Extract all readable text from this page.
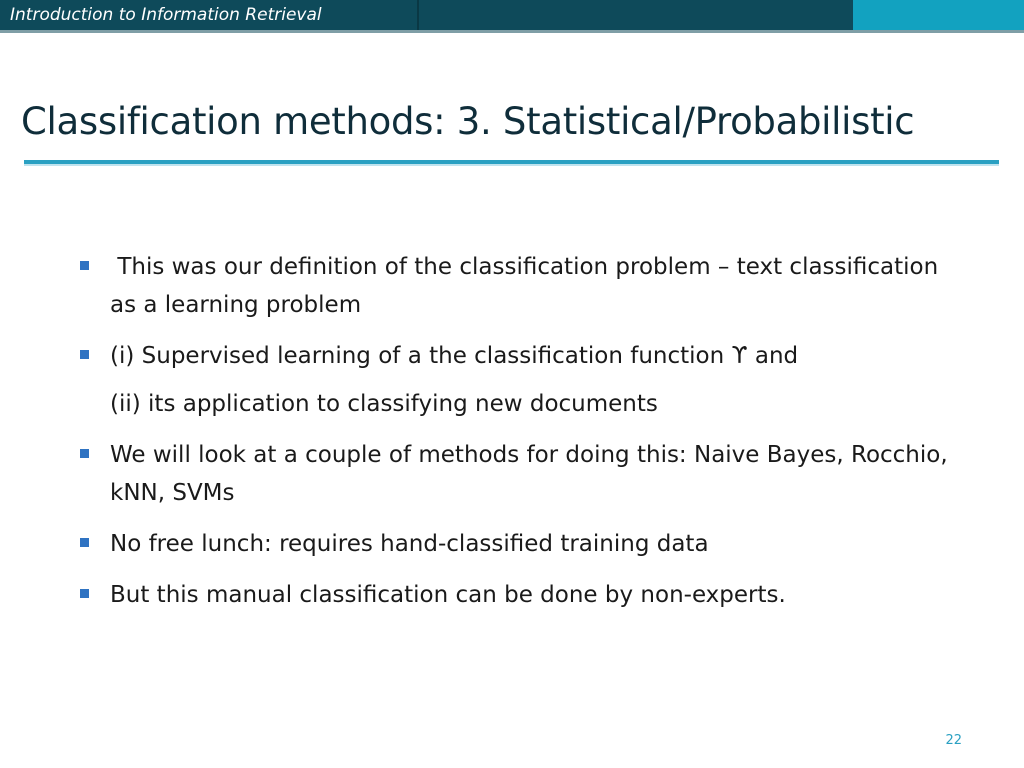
Introduction to Information Retrieval
Classification methods: 3. Statistical/Probabilistic
This was our definition of the classification problem – text classification as a learning problem
(i) Supervised learning of a the classification function ϒ and
(ii) its application to classifying new documents
We will look at a couple of methods for doing this: Naive Bayes, Rocchio, kNN, SVMs
No free lunch: requires hand-classified training data
But this manual classification can be done by non-experts.
22
